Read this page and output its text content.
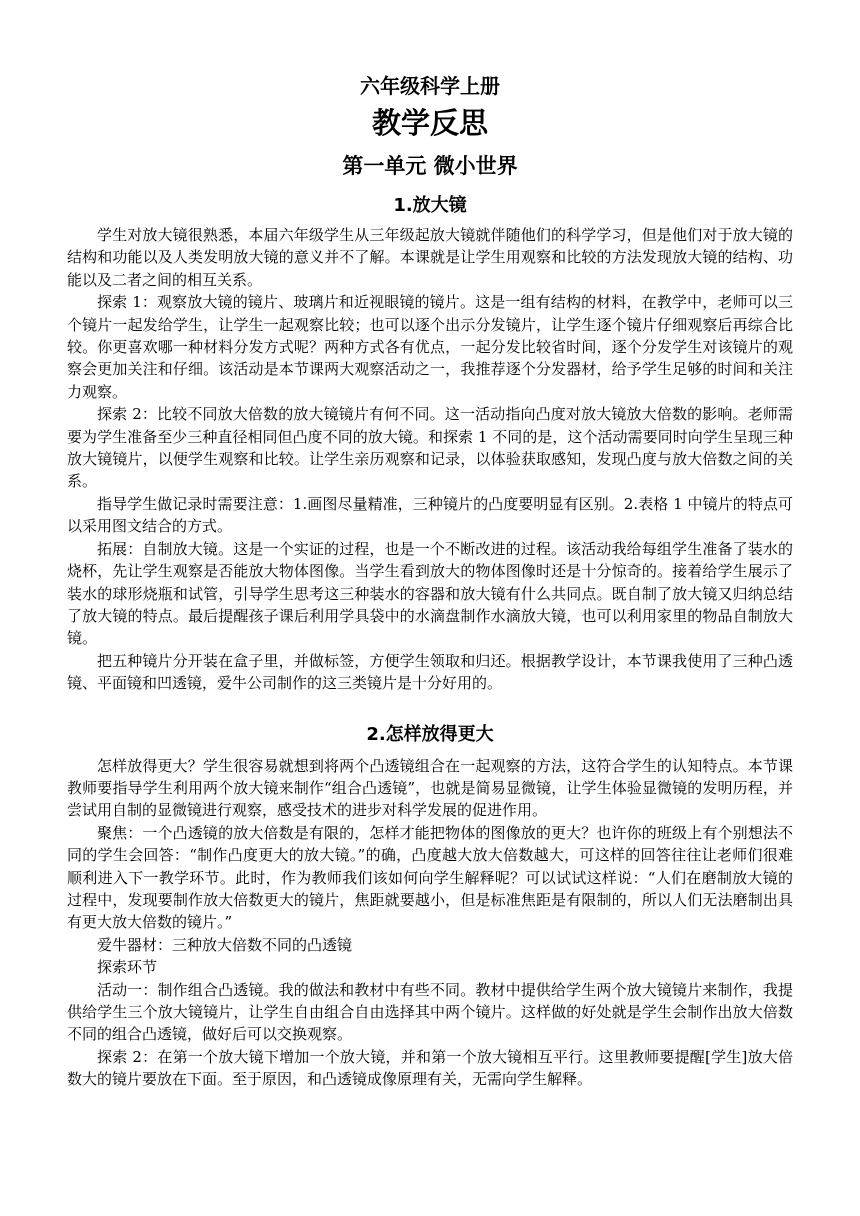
六年级科学上册
教学反思
第一单元 微小世界
1.放大镜

学生对放大镜很熟悉，本届六年级学生从三年级起放大镜就伴随他们的科学学习，但是他们对于放大镜的结构和功能以及人类发明放大镜的意义并不了解。本课就是让学生用观察和比较的方法发现放大镜的结构、功能以及二者之间的相互关系。

探索 1：观察放大镜的镜片、玻璃片和近视眼镜的镜片。这是一组有结构的材料，在教学中，老师可以三个镜片一起发给学生，让学生一起观察比较；也可以逐个出示分发镜片，让学生逐个镜片仔细观察后再综合比较。你更喜欢哪一种材料分发方式呢？两种方式各有优点，一起分发比较省时间，逐个分发学生对该镜片的观察会更加关注和仔细。该活动是本节课两大观察活动之一，我推荐逐个分发器材，给予学生足够的时间和关注力观察。

探索 2：比较不同放大倍数的放大镜镜片有何不同。这一活动指向凸度对放大镜放大倍数的影响。老师需要为学生准备至少三种直径相同但凸度不同的放大镜。和探索 1 不同的是，这个活动需要同时向学生呈现三种放大镜镜片，以便学生观察和比较。让学生亲历观察和记录，以体验获取感知，发现凸度与放大倍数之间的关系。

指导学生做记录时需要注意：1.画图尽量精准，三种镜片的凸度要明显有区别。2.表格 1 中镜片的特点可以采用图文结合的方式。

拓展：自制放大镜。这是一个实证的过程，也是一个不断改进的过程。该活动我给每组学生准备了装水的烧杯，先让学生观察是否能放大物体图像。当学生看到放大的物体图像时还是十分惊奇的。接着给学生展示了装水的球形烧瓶和试管，引导学生思考这三种装水的容器和放大镜有什么共同点。既自制了放大镜又归纳总结了放大镜的特点。最后提醒孩子课后利用学具袋中的水滴盘制作水滴放大镜，也可以利用家里的物品自制放大镜。

把五种镜片分开装在盒子里，并做标签，方便学生领取和归还。根据教学设计，本节课我使用了三种凸透镜、平面镜和凹透镜，爱牛公司制作的这三类镜片是十分好用的。

2.怎样放得更大

怎样放得更大？学生很容易就想到将两个凸透镜组合在一起观察的方法，这符合学生的认知特点。本节课教师要指导学生利用两个放大镜来制作“组合凸透镜”，也就是简易显微镜，让学生体验显微镜的发明历程，并尝试用自制的显微镜进行观察，感受技术的进步对科学发展的促进作用。

聚焦：一个凸透镜的放大倍数是有限的，怎样才能把物体的图像放的更大？也许你的班级上有个别想法不同的学生会回答：“制作凸度更大的放大镜。”的确，凸度越大放大倍数越大，可这样的回答往往让老师们很难顺利进入下一教学环节。此时，作为教师我们该如何向学生解释呢？可以试试这样说：“人们在磨制放大镜的过程中，发现要制作放大倍数更大的镜片，焦距就要越小，但是标准焦距是有限制的，所以人们无法磨制出具有更大放大倍数的镜片。”

爱牛器材：三种放大倍数不同的凸透镜

探索环节

活动一：制作组合凸透镜。我的做法和教材中有些不同。教材中提供给学生两个放大镜镜片来制作，我提供给学生三个放大镜镜片，让学生自由组合自由选择其中两个镜片。这样做的好处就是学生会制作出放大倍数不同的组合凸透镜，做好后可以交换观察。

探索 2：在第一个放大镜下增加一个放大镜，并和第一个放大镜相互平行。这里教师要提醒[学生]放大倍数大的镜片要放在下面。至于原因，和凸透镜成像原理有关，无需向学生解释。
